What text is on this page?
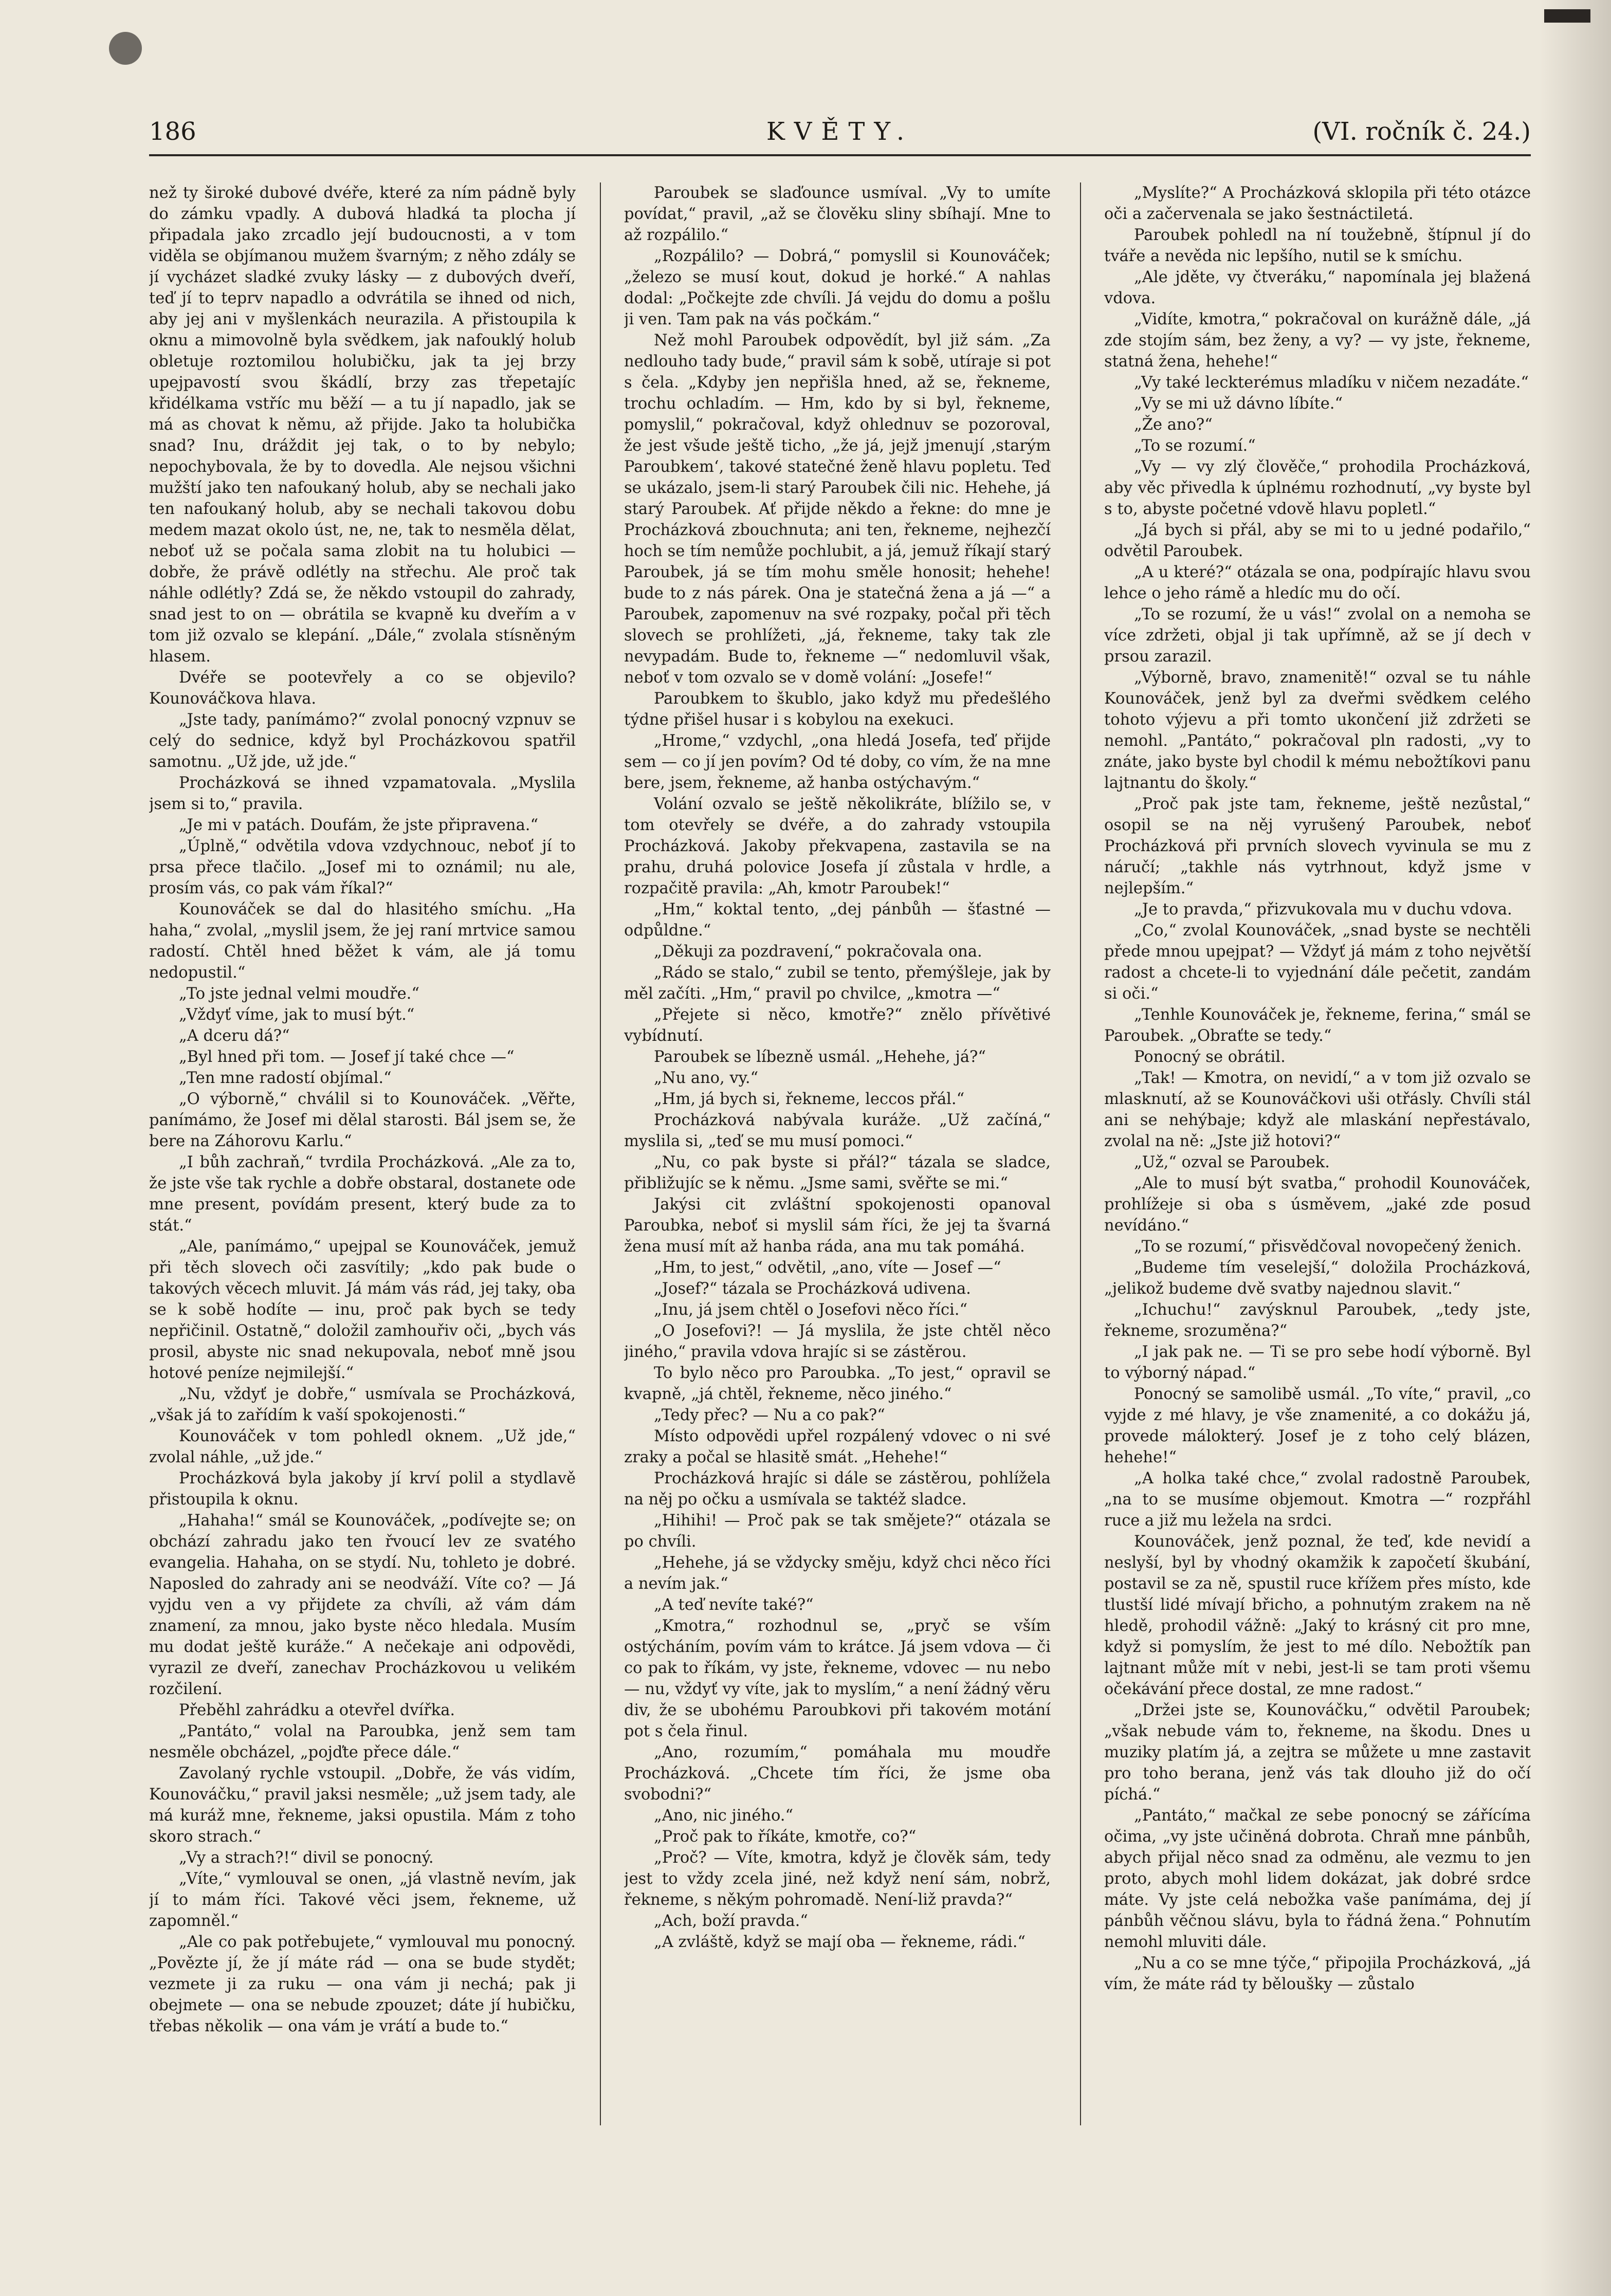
186	KVĚTY.	(VI. ročník č. 24.)

než ty široké dubové dvéře, které za ním pádně byly do zámku vpadly. A dubová hladká ta plocha jí připadala jako zrcadlo její budoucnosti, a v tom viděla se objímanou mužem švarným; z něho zdály se jí vycházet sladké zvuky lásky — z dubových dveří, teď jí to teprv napadlo a odvrátila se ihned od nich, aby jej ani v myšlenkách neurazila. A přistoupila k oknu a mimovolně byla svědkem, jak nafouklý holub obletuje roztomilou holubičku, jak ta jej brzy upejpavostí svou škádlí, brzy zas třepetajíc křidélkama vstříc mu běží — a tu jí napadlo, jak se má as chovat k němu, až přijde. Jako ta holubička snad? Inu, dráždit jej tak, o to by nebylo; nepochybovala, že by to dovedla. Ale nejsou všichni mužští jako ten nafoukaný holub, aby se nechali jako ten nafoukaný holub, aby se nechali takovou dobu medem mazat okolo úst, ne, ne, tak to nesměla dělat, neboť už se počala sama zlobit na tu holubici — dobře, že právě odlétly na střechu. Ale proč tak náhle odlétly? Zdá se, že někdo vstoupil do zahrady, snad jest to on — obrátila se kvapně ku dveřím a v tom již ozvalo se klepání. „Dále,“ zvolala stísněným hlasem.

Dvéře se pootevřely a co se objevilo? Kounováčkova hlava.

„Jste tady, panímámo?“ zvolal ponocný vzpnuv se celý do sednice, když byl Procházkovou spatřil samotnu. „Už jde, už jde.“

Procházková se ihned vzpamatovala. „Myslila jsem si to,“ pravila.

„Je mi v patách. Doufám, že jste připravena.“

„Úplně,“ odvětila vdova vzdychnouc, neboť jí to prsa přece tlačilo. „Josef mi to oznámil; nu ale, prosím vás, co pak vám říkal?“

Kounováček se dal do hlasitého smíchu. „Ha haha,“ zvolal, „myslil jsem, že jej raní mrtvice samou radostí. Chtěl hned běžet k vám, ale já tomu nedopustil.“

„To jste jednal velmi moudře.“

„Vždyť víme, jak to musí být.“

„A dceru dá?“

„Byl hned při tom. — Josef jí také chce —“

„Ten mne radostí objímal.“

„O výborně,“ chválil si to Kounováček. „Věřte, panímámo, že Josef mi dělal starosti. Bál jsem se, že bere na Záhorovu Karlu.“

„I bůh zachraň,“ tvrdila Procházková. „Ale za to, že jste vše tak rychle a dobře obstaral, dostanete ode mne present, povídám present, který bude za to stát.“

„Ale, panímámo,“ upejpal se Kounováček, jemuž při těch slovech oči zasvítily; „kdo pak bude o takových věcech mluvit. Já mám vás rád, jej taky, oba se k sobě hodíte — inu, proč pak bych se tedy nepřičinil. Ostatně,“ doložil zamhouřiv oči, „bych vás prosil, abyste nic snad nekupovala, neboť mně jsou hotové peníze nejmilejší.“

„Nu, vždyť je dobře,“ usmívala se Procházková, „však já to zařídím k vaší spokojenosti.“

Kounováček v tom pohledl oknem. „Už jde,“ zvolal náhle, „už jde.“

Procházková byla jakoby jí krví polil a stydlavě přistoupila k oknu.

„Hahaha!“ smál se Kounováček, „podívejte se; on obchází zahradu jako ten řvoucí lev ze svatého evangelia. Hahaha, on se stydí. Nu, tohleto je dobré. Naposled do zahrady ani se neodváží. Víte co? — Já vyjdu ven a vy přijdete za chvíli, až vám dám znamení, za mnou, jako byste něco hledala. Musím mu dodat ještě kuráže.“ A nečekaje ani odpovědi, vyrazil ze dveří, zanechav Procházkovou u velikém rozčilení.

Přeběhl zahrádku a otevřel dvířka.

„Pantáto,“ volal na Paroubka, jenž sem tam nesměle obcházel, „pojďte přece dále.“

Zavolaný rychle vstoupil. „Dobře, že vás vidím, Kounováčku,“ pravil jaksi nesměle; „už jsem tady, ale má kuráž mne, řekneme, jaksi opustila. Mám z toho skoro strach.“

„Vy a strach?!“ divil se ponocný.

„Víte,“ vymlouval se onen, „já vlastně nevím, jak jí to mám říci. Takové věci jsem, řekneme, už zapomněl.“

„Ale co pak potřebujete,“ vymlouval mu ponocný. „Povězte jí, že jí máte rád — ona se bude stydět; vezmete ji za ruku — ona vám ji nechá; pak ji obejmete — ona se nebude zpouzet; dáte jí hubičku, třebas několik — ona vám je vrátí a bude to.“

Paroubek se slaďounce usmíval. „Vy to umíte povídat,“ pravil, „až se člověku sliny sbíhají. Mne to až rozpálilo.“

„Rozpálilo? — Dobrá,“ pomyslil si Kounováček; „železo se musí kout, dokud je horké.“ A nahlas dodal: „Počkejte zde chvíli. Já vejdu do domu a pošlu ji ven. Tam pak na vás počkám.“

Než mohl Paroubek odpovědít, byl již sám. „Za nedlouho tady bude,“ pravil sám k sobě, utíraje si pot s čela. „Kdyby jen nepřišla hned, až se, řekneme, trochu ochladím. — Hm, kdo by si byl, řekneme, pomyslil,“ pokračoval, když ohlednuv se pozoroval, že jest všude ještě ticho, „že já, jejž jmenují ‚starým Paroubkem‘, takové statečné ženě hlavu popletu. Teď se ukázalo, jsem-li starý Paroubek čili nic. Hehehe, já starý Paroubek. Ať přijde někdo a řekne: do mne je Procházková zbouchnuta; ani ten, řekneme, nejhezčí hoch se tím nemůže pochlubit, a já, jemuž říkají starý Paroubek, já se tím mohu směle honosit; hehehe! bude to z nás párek. Ona je statečná žena a já —“ a Paroubek, zapomenuv na své rozpaky, počal při těch slovech se prohlížeti, „já, řekneme, taky tak zle nevypadám. Bude to, řekneme —“ nedomluvil však, neboť v tom ozvalo se v domě volání: „Josefe!“

Paroubkem to škublo, jako když mu předešlého týdne přišel husar i s kobylou na exekuci.

„Hrome,“ vzdychl, „ona hledá Josefa, teď přijde sem — co jí jen povím? Od té doby, co vím, že na mne bere, jsem, řekneme, až hanba ostýchavým.“

Volání ozvalo se ještě několikráte, blížilo se, v tom otevřely se dvéře, a do zahrady vstoupila Procházková. Jakoby překvapena, zastavila se na prahu, druhá polovice Josefa jí zůstala v hrdle, a rozpačitě pravila: „Ah, kmotr Paroubek!“

„Hm,“ koktal tento, „dej pánbůh — šťastné — odpůldne.“

„Děkuji za pozdravení,“ pokračovala ona.

„Rádo se stalo,“ zubil se tento, přemýšleje, jak by měl začíti. „Hm,“ pravil po chvilce, „kmotra —“

„Přejete si něco, kmotře?“ znělo přívětivé vybídnutí.

Paroubek se líbezně usmál. „Hehehe, já?“

„Nu ano, vy.“

„Hm, já bych si, řekneme, leccos přál.“

Procházková nabývala kuráže. „Už začíná,“ myslila si, „teď se mu musí pomoci.“

„Nu, co pak byste si přál?“ tázala se sladce, přibližujíc se k němu. „Jsme sami, svěřte se mi.“

Jakýsi cit zvláštní spokojenosti opanoval Paroubka, neboť si myslil sám říci, že jej ta švarná žena musí mít až hanba ráda, ana mu tak pomáhá.

„Hm, to jest,“ odvětil, „ano, víte — Josef —“

„Josef?“ tázala se Procházková udivena.

„Inu, já jsem chtěl o Josefovi něco říci.“

„O Josefovi?! — Já myslila, že jste chtěl něco jiného,“ pravila vdova hrajíc si se zástěrou.

To bylo něco pro Paroubka. „To jest,“ opravil se kvapně, „já chtěl, řekneme, něco jiného.“

„Tedy přec? — Nu a co pak?“

Místo odpovědi upřel rozpálený vdovec o ni své zraky a počal se hlasitě smát. „Hehehe!“

Procházková hrajíc si dále se zástěrou, pohlížela na něj po očku a usmívala se taktéž sladce.

„Hihihi! — Proč pak se tak smějete?“ otázala se po chvíli.

„Hehehe, já se vždycky směju, když chci něco říci a nevím jak.“

„A teď nevíte také?“

„Kmotra,“ rozhodnul se, „pryč se vším ostýcháním, povím vám to krátce. Já jsem vdova — či co pak to říkám, vy jste, řekneme, vdovec — nu nebo — nu, vždyť vy víte, jak to myslím,“ a není žádný věru div, že se ubohému Paroubkovi při takovém motání pot s čela řinul.

„Ano, rozumím,“ pomáhala mu moudře Procházková. „Chcete tím říci, že jsme oba svobodni?“

„Ano, nic jiného.“

„Proč pak to říkáte, kmotře, co?“

„Proč? — Víte, kmotra, když je člověk sám, tedy jest to vždy zcela jiné, než když není sám, nobrž, řekneme, s někým pohromadě. Není-liž pravda?“

„Ach, boží pravda.“

„A zvláště, když se mají oba — řekneme, rádi.“

„Myslíte?“ A Procházková sklopila při této otázce oči a začervenala se jako šestnáctiletá.

Paroubek pohledl na ní toužebně, štípnul jí do tváře a nevěda nic lepšího, nutil se k smíchu.

„Ale jděte, vy čtveráku,“ napomínala jej blažená vdova.

„Vidíte, kmotra,“ pokračoval on kurážně dále, „já zde stojím sám, bez ženy, a vy? — vy jste, řekneme, statná žena, hehehe!“

„Vy také leckterémus mladíku v ničem nezadáte.“

„Vy se mi už dávno líbíte.“

„Že ano?“

„To se rozumí.“

„Vy — vy zlý člověče,“ prohodila Procházková, aby věc přivedla k úplnému rozhodnutí, „vy byste byl s to, abyste početné vdově hlavu popletl.“

„Já bych si přál, aby se mi to u jedné podařilo,“ odvětil Paroubek.

„A u které?“ otázala se ona, podpírajíc hlavu svou lehce o jeho rámě a hledíc mu do očí.

„To se rozumí, že u vás!“ zvolal on a nemoha se více zdržeti, objal ji tak upřímně, až se jí dech v prsou zarazil.

„Výborně, bravo, znamenitě!“ ozval se tu náhle Kounováček, jenž byl za dveřmi svědkem celého tohoto výjevu a při tomto ukončení již zdržeti se nemohl. „Pantáto,“ pokračoval pln radosti, „vy to znáte, jako byste byl chodil k mému nebožtíkovi panu lajtnantu do školy.“

„Proč pak jste tam, řekneme, ještě nezůstal,“ osopil se na něj vyrušený Paroubek, neboť Procházková při prvních slovech vyvinula se mu z náručí; „takhle nás vytrhnout, když jsme v nejlepším.“

„Je to pravda,“ přizvukovala mu v duchu vdova.

„Co,“ zvolal Kounováček, „snad byste se nechtěli přede mnou upejpat? — Vždyť já mám z toho největší radost a chcete-li to vyjednání dále pečetit, zandám si oči.“

„Tenhle Kounováček je, řekneme, ferina,“ smál se Paroubek. „Obraťte se tedy.“

Ponocný se obrátil.

„Tak! — Kmotra, on nevidí,“ a v tom již ozvalo se mlasknutí, až se Kounováčkovi uši otřásly. Chvíli stál ani se nehýbaje; když ale mlaskání nepřestávalo, zvolal na ně: „Jste již hotovi?“

„Už,“ ozval se Paroubek.

„Ale to musí být svatba,“ prohodil Kounováček, prohlížeje si oba s úsměvem, „jaké zde posud nevídáno.“

„To se rozumí,“ přisvědčoval novopečený ženich.

„Budeme tím veselejší,“ doložila Procházková, „jelikož budeme dvě svatby najednou slavit.“

„Ichuchu!“ zavýsknul Paroubek, „tedy jste, řekneme, srozuměna?“

„I jak pak ne. — Ti se pro sebe hodí výborně. Byl to výborný nápad.“

Ponocný se samolibě usmál. „To víte,“ pravil, „co vyjde z mé hlavy, je vše znamenité, a co dokážu já, provede málokterý. Josef je z toho celý blázen, hehehe!“

„A holka také chce,“ zvolal radostně Paroubek, „na to se musíme objemout. Kmotra —“ rozpřáhl ruce a již mu ležela na srdci.

Kounováček, jenž poznal, že teď, kde nevidí a neslyší, byl by vhodný okamžik k započetí škubání, postavil se za ně, spustil ruce křížem přes místo, kde tlustší lidé mívají břicho, a pohnutým zrakem na ně hledě, prohodil vážně: „Jaký to krásný cit pro mne, když si pomyslím, že jest to mé dílo. Nebožtík pan lajtnant může mít v nebi, jest-li se tam proti všemu očekávání přece dostal, ze mne radost.“

„Držei jste se, Kounováčku,“ odvětil Paroubek; „však nebude vám to, řekneme, na škodu. Dnes u muziky platím já, a zejtra se můžete u mne zastavit pro toho berana, jenž vás tak dlouho již do očí píchá.“

„Pantáto,“ mačkal ze sebe ponocný se zářícíma očima, „vy jste učiněná dobrota. Chraň mne pánbůh, abych přijal něco snad za odměnu, ale vezmu to jen proto, abych mohl lidem dokázat, jak dobré srdce máte. Vy jste celá nebožka vaše panímáma, dej jí pánbůh věčnou slávu, byla to řádná žena.“ Pohnutím nemohl mluviti dále.

„Nu a co se mne týče,“ připojila Procházková, „já vím, že máte rád ty běloušky — zůstalo
